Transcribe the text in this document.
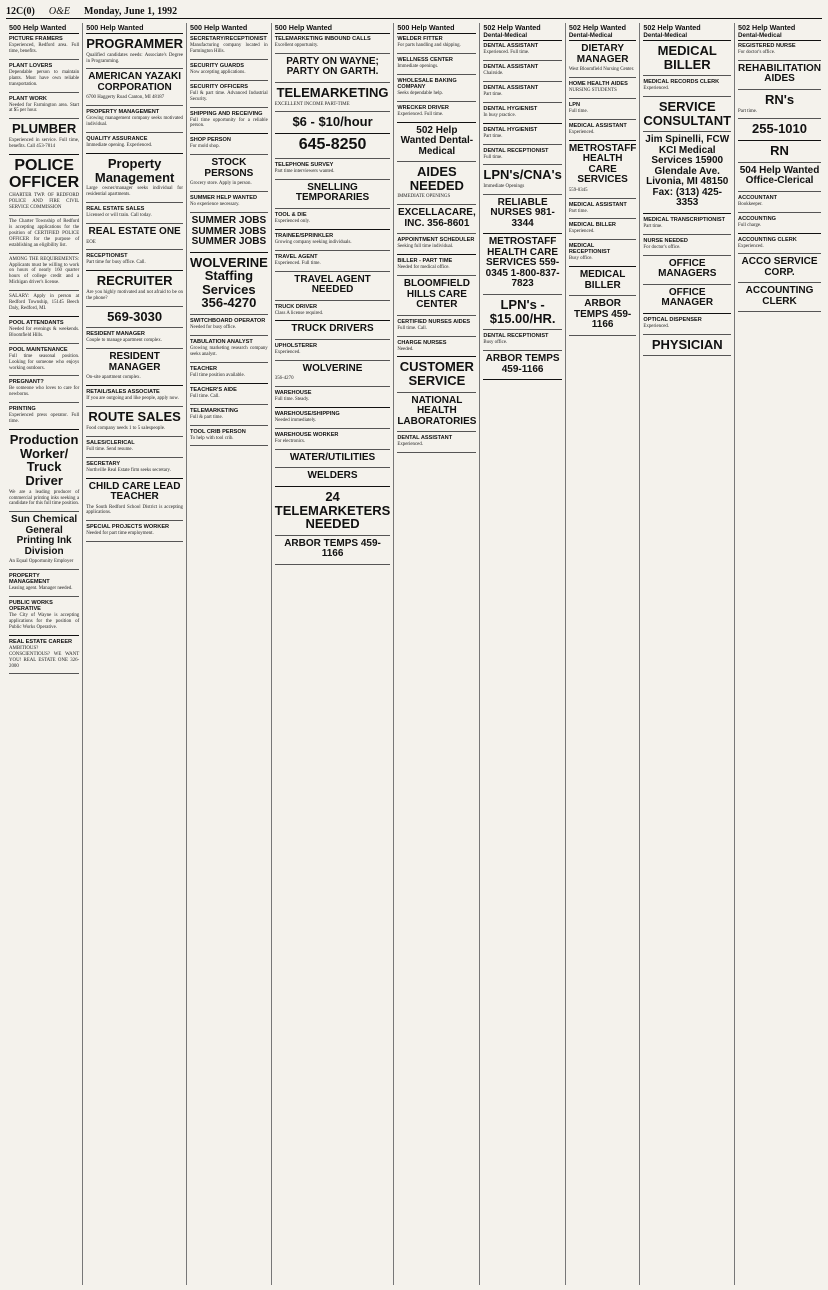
12C(0) O&E Monday, June 1, 1992
500 Help Wanted
PICTURE FRAMERS
Experienced, Redford area. Full time, benefits.
PLANT LOVERS
Dependable person to maintain plants. Must have own reliable transportation.
PLANT WORK
Needed for Farmington area. Start at $5 per hour.
PLUMBER
Experienced in service. Full time, benefits. Call 453-7814
POLICE OFFICER
CHARTER TWP. OF REDFORD POLICE AND FIRE CIVIL SERVICE COMMISSION
The Charter Township of Redford is accepting applications for the position of CERTIFIED POLICE OFFICER for the purpose of establishing an eligibility list.
AMONG THE REQUIREMENTS: Applicants must be willing to work on hours of nearly 160 quarter hours of college credit and a Michigan driver's license.
SALARY: Apply in person at Redford Township, 15145 Beech Daly, Redford, MI.
POOL ATTENDANTS
Needed for evenings & weekends. Bloomfield Hills.
POOL MAINTENANCE
Full time seasonal position. Looking for someone who enjoys working outdoors.
PREGNANT?
Be someone who loves to care for newborns.
PRINTING
Experienced press operator. Full time.
Production Worker/ Truck Driver
We are a leading producer of commercial printing inks seeking a candidate for this full time position.
Sun Chemical General Printing Ink Division
An Equal Opportunity Employer
PROPERTY MANAGEMENT
Leasing agent. Manager needed.
PUBLIC WORKS OPERATIVE
The City of Wayne is accepting applications for the position of Public Works Operative.
REAL ESTATE CAREER
AMBITIOUS? CONSCIENTIOUS? WE WANT YOU! REAL ESTATE ONE 326-2000
500 Help Wanted
PROGRAMMER
Qualified candidates needs: Associate's Degree in Programming.
AMERICAN YAZAKI CORPORATION
6700 Haggerty Road Canton, MI 48187
PROPERTY MANAGEMENT
Growing management company seeks motivated individual.
QUALITY ASSURANCE
Immediate opening. Experienced.
Property Management
Large owner/manager seeks individual for residential apartments.
REAL ESTATE SALES
Licensed or will train. Call today.
REAL ESTATE ONE
EOE
RECEPTIONIST
Part time for busy office. Call.
RECRUITER
Are you highly motivated and not afraid to be on the phone?
569-3030
RESIDENT MANAGER
Couple to manage apartment complex.
RESIDENT MANAGER
On-site apartment complex.
RETAIL/SALES ASSOCIATE
If you are outgoing and like people, apply now.
ROUTE SALES
Food company needs 1 to 5 salespeople.
SALES/CLERICAL
Full time. Send resume.
SECRETARY
Northville Real Estate firm seeks secretary.
CHILD CARE LEAD TEACHER
The South Redford School District is accepting applications.
SPECIAL PROJECTS WORKER
Needed for part time employment.
500 Help Wanted
SECRETARY/RECEPTIONIST
Manufacturing company located in Farmington Hills.
SECURITY GUARDS
Now accepting applications.
SECURITY OFFICERS
Full & part time. Advanced Industrial Security.
SHIPPING AND RECEIVING
Full time opportunity for a reliable person.
SHOP PERSON
For mold shop.
STOCK PERSONS
Grocery store. Apply in person.
SUMMER HELP WANTED
No experience necessary.
SUMMER JOBS SUMMER JOBS SUMMER JOBS
WOLVERINE Staffing Services 356-4270
SWITCHBOARD OPERATOR
Needed for busy office.
TABULATION ANALYST
Growing marketing research company seeks analyst.
TEACHER
Full time position available.
TEACHER'S AIDE
Full time. Call.
TELEMARKETING
Full & part time.
TOOL CRIB PERSON
To help with tool crib.
500 Help Wanted
TELEMARKETING INBOUND CALLS
Excellent opportunity.
PARTY ON WAYNE; PARTY ON GARTH.
TELEMARKETING
EXCELLENT INCOME PART-TIME
$6 - $10/hour
645-8250
TELEPHONE SURVEY
Part time interviewers wanted.
SNELLING TEMPORARIES
TOOL & DIE
Experienced only.
TRAINEE/SPRINKLER
Growing company seeking individuals.
TRAVEL AGENT
Experienced. Full time.
TRAVEL AGENT NEEDED
TRUCK DRIVER
Class A license required.
TRUCK DRIVERS
UPHOLSTERER
Experienced.
WOLVERINE
356-4270
WAREHOUSE
Full time. Steady.
WAREHOUSE/SHIPPING
Needed immediately.
WAREHOUSE WORKER
For electronics.
WATER/UTILITIES
WELDERS
24 TELEMARKETERS NEEDED
ARBOR TEMPS 459-1166
500 Help Wanted
WELDER FITTER
For parts handling and shipping.
WELLNESS CENTER
Immediate openings.
WHOLESALE BAKING COMPANY
Seeks dependable help.
WRECKER DRIVER
Experienced. Full time.
502 Help Wanted Dental-Medical
AIDES NEEDED
IMMEDIATE OPENINGS
EXCELLACARE, INC. 356-8601
APPOINTMENT SCHEDULER
Seeking full time individual.
BILLER - PART TIME
Needed for medical office.
BLOOMFIELD HILLS CARE CENTER
CERTIFIED NURSES AIDES
Full time. Call.
CHARGE NURSES
Needed.
CUSTOMER SERVICE
NATIONAL HEALTH LABORATORIES
DENTAL ASSISTANT
Experienced.
502 Help Wanted
Dental-Medical
DENTAL ASSISTANT
Experienced. Full time.
DENTAL ASSISTANT
Chairside.
DENTAL ASSISTANT
Part time.
DENTAL HYGIENIST
In busy practice.
DENTAL HYGIENIST
Part time.
DENTAL RECEPTIONIST
Full time.
LPN's/CNA's
Immediate Openings
RELIABLE NURSES 981-3344
METROSTAFF HEALTH CARE SERVICES 559-0345 1-800-837-7823
LPN's - $15.00/HR.
DENTAL RECEPTIONIST
Busy office.
ARBOR TEMPS 459-1166
502 Help Wanted
Dental-Medical
DIETARY MANAGER
West Bloomfield Nursing Center.
HOME HEALTH AIDES
NURSING STUDENTS
LPN
Full time.
MEDICAL ASSISTANT
Experienced.
METROSTAFF HEALTH CARE SERVICES
559-0345
MEDICAL ASSISTANT
Part time.
MEDICAL BILLER
Experienced.
MEDICAL RECEPTIONIST
Busy office.
MEDICAL BILLER
ARBOR TEMPS 459-1166
502 Help Wanted
Dental-Medical
MEDICAL BILLER
MEDICAL RECORDS CLERK
Experienced.
SERVICE CONSULTANT
Jim Spinelli, FCW KCI Medical Services 15900 Glendale Ave. Livonia, MI 48150 Fax: (313) 425-3353
MEDICAL TRANSCRIPTIONIST
Part time.
NURSE NEEDED
For doctor's office.
OFFICE MANAGERS
OFFICE MANAGER
OPTICAL DISPENSER
Experienced.
PHYSICIAN
502 Help Wanted
Dental-Medical
REGISTERED NURSE
For doctor's office.
REHABILITATION AIDES
RN's
Part time.
255-1010
RN
504 Help Wanted Office-Clerical
ACCOUNTANT
Bookkeeper.
ACCOUNTING
Full charge.
ACCOUNTING CLERK
Experienced.
ACCO SERVICE CORP.
ACCOUNTING CLERK
